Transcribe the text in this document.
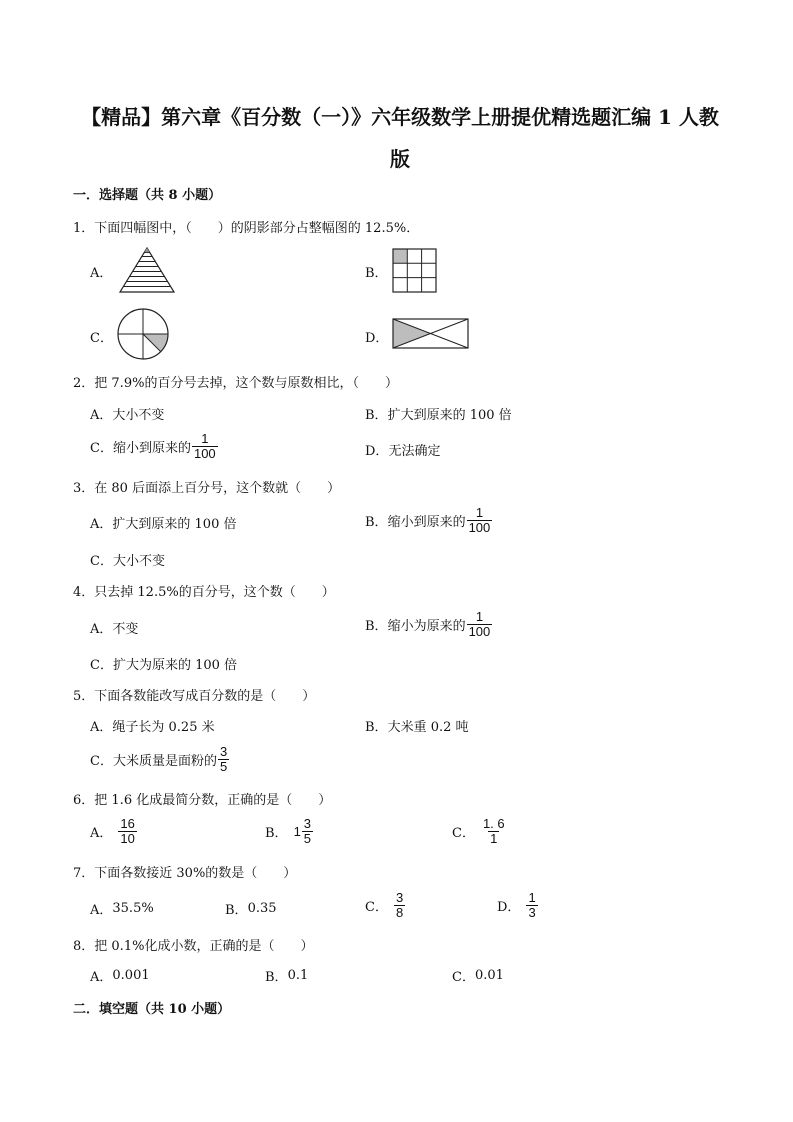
【精品】第六章《百分数（一）》六年级数学上册提优精选题汇编 1 人教
版
一．选择题（共 8 小题）
1．下面四幅图中，（　　）的阴影部分占整幅图的 12.5%．
A．	B．
C．	D．
2．把 7.9%的百分号去掉，这个数与原数相比，（　　）
A． 大小不变	B． 扩大到原来的 100 倍
C． 缩小到原来的 $\frac{1}{100}$	D． 无法确定
3．在 80 后面添上百分号，这个数就（　　）
A． 扩大到原来的 100 倍	B． 缩小到原来的 $\frac{1}{100}$
C． 大小不变
4．只去掉 12.5%的百分号，这个数（　　）
A． 不变	B． 缩小为原来的 $\frac{1}{100}$
C． 扩大为原来的 100 倍
5．下面各数能改写成百分数的是（　　）
A． 绳子长为 0.25 米	B． 大米重 0.2 吨
C． 大米质量是面粉的 $\frac{3}{5}$
6．把 1.6 化成最简分数，正确的是（　　）
A． $\frac{16}{10}$	B． $1 \frac{3}{5}$	C． $\frac{1. 6}{1}$
7．下面各数接近 30%的数是（　　）
A． 35.5%	B． 0.35	C． $\frac{3}{8}$	D． $\frac{1}{3}$
8．把 0.1%化成小数，正确的是（　　）
A． 0.001	B． 0.1	C． 0.01
二．填空题（共 10 小题）
